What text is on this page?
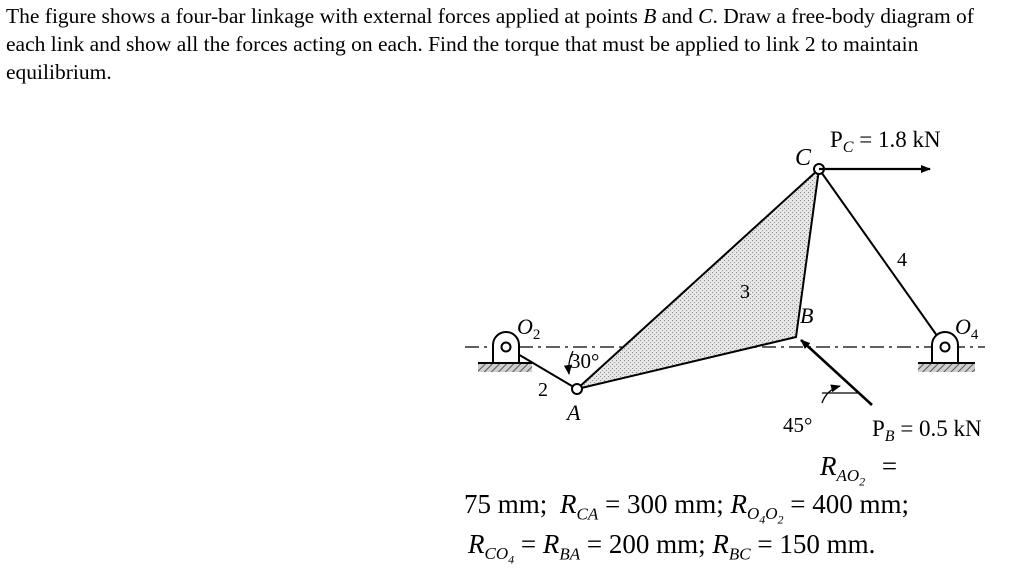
The figure shows a four-bar linkage with external forces applied at points B and C. Draw a free-body diagram of each link and show all the forces acting on each. Find the torque that must be applied to link 2 to maintain equilibrium.

C
$P_C = 1.8$ kN
4
3
B
$O_2$	$O_4$
30°
2
A	45°	$P_B = 0.5$ kN
$R_{AO_2}$ =
75 mm; $R_{CA} = 300$ mm; $R_{O_4O_2} = 400$ mm;
$R_{CO_4} = R_{BA} = 200$ mm; $R_{BC} = 150$ mm.
